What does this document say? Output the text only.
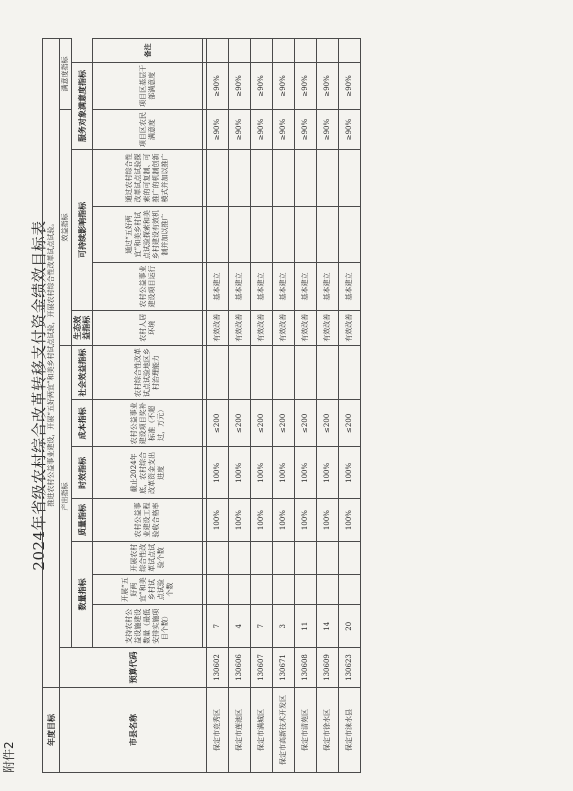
附件2
2024年省级农村综合改革转移支付资金绩效目标表
年度目标	推进农村公益事业建设，开展“五好两宜”和美乡村试点试验，开展农村综合性改革试点试验。														
市县名称	预算代码	产出指标							效益指标					满意度指标	
		数量指标			质量指标	时效指标	成本指标	社会效益指标	生态效益指标	可持续影响指标			服务对象满意度指标		
		支持农村公益设施建设数量（最低安排实施项目个数）	开展“五好两宜”和美乡村试点试验个数	开展农村综合性改革试点试验个数	农村公益事业建设工程验收合格率	截止2024年底，农村综合改革资金支出进度	农村公益事业建设项目奖补标准（不超过，万元）	农村综合性改革试点试验地区乡村治理能力	农村人居环境	农村公益事业建设项目运行	通过“五好两宜”和美乡村试点试验探索和美乡村建设有效机制并加以推广	通过农村综合性改革试点试验探索的可复制、可推广的机制创新模式并加以推广	项目区农民满意度	项目区基层干部满意度	备注

保定市竞秀区	130602	7			100%	100%	≤200		有效改善	基本建立			≥90%	≥90%	
保定市莲池区	130606	4			100%	100%	≤200		有效改善	基本建立			≥90%	≥90%	
保定市满城区	130607	7			100%	100%	≤200		有效改善	基本建立			≥90%	≥90%	
保定市高新技术开发区	130671	3			100%	100%	≤200		有效改善	基本建立			≥90%	≥90%	
保定市清苑区	130608	11			100%	100%	≤200		有效改善	基本建立			≥90%	≥90%	
保定市徐水区	130609	14			100%	100%	≤200		有效改善	基本建立			≥90%	≥90%	
保定市涞水县	130623	20			100%	100%	≤200		有效改善	基本建立			≥90%	≥90%	
